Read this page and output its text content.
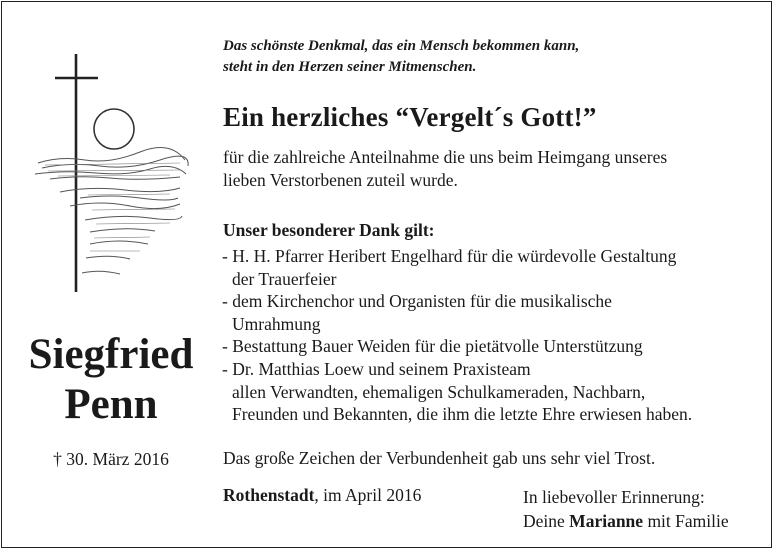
Das schönste Denkmal, das ein Mensch bekommen kann,
steht in den Herzen seiner Mitmenschen.
Ein herzliches “Vergelt´s Gott!”
für die zahlreiche Anteilnahme die uns beim Heimgang unseres
lieben Verstorbenen zuteil wurde.
Unser besonderer Dank gilt:
- H. H. Pfarrer Heribert Engelhard für die würdevolle Gestaltung
der Trauerfeier
- dem Kirchenchor und Organisten für die musikalische
Umrahmung
- Bestattung Bauer Weiden für die pietätvolle Unterstützung
- Dr. Matthias Loew und seinem Praxisteam
allen Verwandten, ehemaligen Schulkameraden, Nachbarn,
Freunden und Bekannten, die ihm die letzte Ehre erwiesen haben.
Das große Zeichen der Verbundenheit gab uns sehr viel Trost.
Rothenstadt, im April 2016	In liebevoller Erinnerung:
Deine Marianne mit Familie
Siegfried
Penn
† 30. März 2016
